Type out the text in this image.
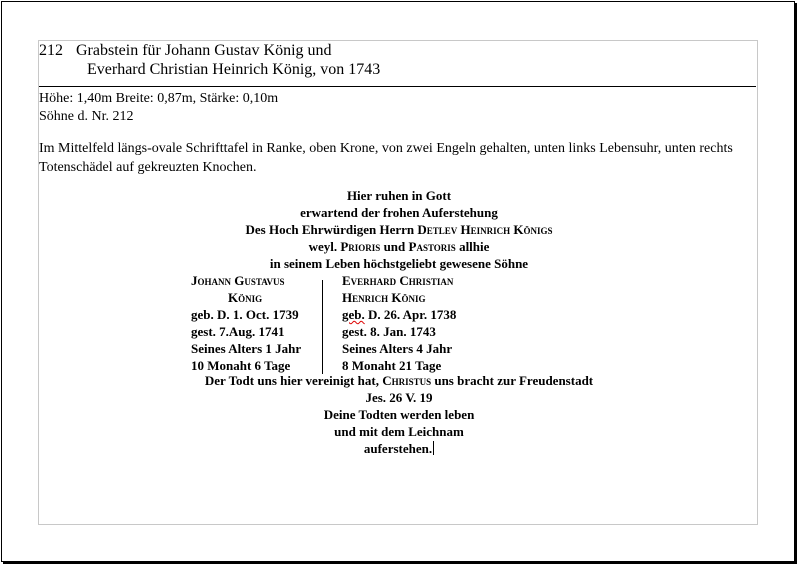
212 Grabstein für Johann Gustav König und
Everhard Christian Heinrich König, von 1743
Höhe: 1,40m Breite: 0,87m, Stärke: 0,10m
Söhne d. Nr. 212
Im Mittelfeld längs-ovale Schrifttafel in Ranke, oben Krone, von zwei Engeln gehalten, unten links Lebensuhr, unten rechts Totenschädel auf gekreuzten Knochen.
Hier ruhen in Gott
erwartend der frohen Auferstehung
Des Hoch Ehrwürdigen Herrn Detlev Heinrich Königs
weyl. Prioris und Pastoris allhie
in seinem Leben höchstgeliebt gewesene Söhne
Johann Gustavus
König
geb. D. 1. Oct. 1739
gest. 7.Aug. 1741
Seines Alters 1 Jahr
10 Monaht 6 Tage
Everhard Christian
Henrich König
geb. D. 26. Apr. 1738
gest. 8. Jan. 1743
Seines Alters 4 Jahr
8 Monaht 21 Tage
Der Todt uns hier vereinigt hat, Christus uns bracht zur Freudenstadt
Jes. 26 V. 19
Deine Todten werden leben
und mit dem Leichnam
auferstehen.
